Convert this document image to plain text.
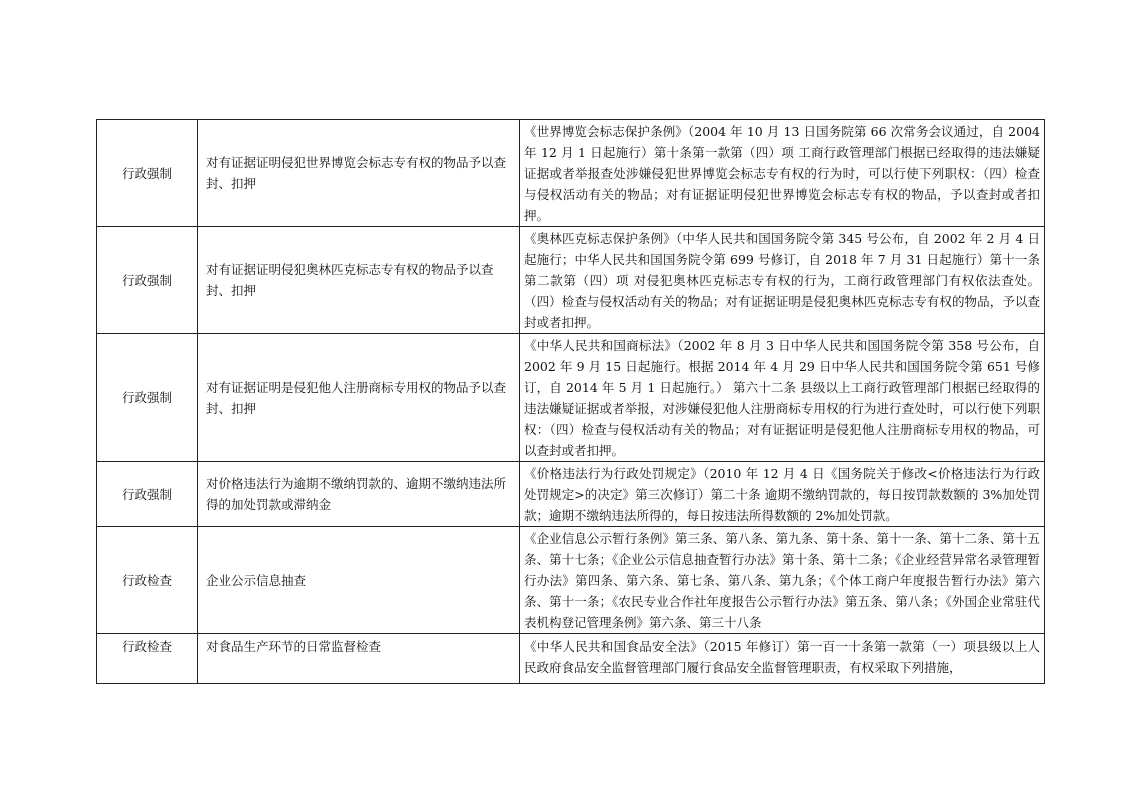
行政强制	对有证据证明侵犯世界博览会标志专有权的物品予以查封、扣押	《世界博览会标志保护条例》（2004 年 10 月 13 日国务院第 66 次常务会议通过，自 2004 年 12 月 1 日起施行）第十条第一款第（四）项 工商行政管理部门根据已经取得的违法嫌疑证据或者举报查处涉嫌侵犯世界博览会标志专有权的行为时，可以行使下列职权：（四）检查与侵权活动有关的物品；对有证据证明侵犯世界博览会标志专有权的物品，予以查封或者扣押。
行政强制	对有证据证明侵犯奥林匹克标志专有权的物品予以查封、扣押	《奥林匹克标志保护条例》（中华人民共和国国务院令第 345 号公布，自 2002 年 2 月 4 日起施行；中华人民共和国国务院令第 699 号修订，自 2018 年 7 月 31 日起施行）第十一条第二款第（四）项 对侵犯奥林匹克标志专有权的行为，工商行政管理部门有权依法查处。（四）检查与侵权活动有关的物品；对有证据证明是侵犯奥林匹克标志专有权的物品，予以查封或者扣押。
行政强制	对有证据证明是侵犯他人注册商标专用权的物品予以查封、扣押	《中华人民共和国商标法》（2002 年 8 月 3 日中华人民共和国国务院令第 358 号公布，自 2002 年 9 月 15 日起施行。根据 2014 年 4 月 29 日中华人民共和国国务院令第 651 号修订，自 2014 年 5 月 1 日起施行。） 第六十二条 县级以上工商行政管理部门根据已经取得的违法嫌疑证据或者举报，对涉嫌侵犯他人注册商标专用权的行为进行查处时，可以行使下列职权：（四）检查与侵权活动有关的物品；对有证据证明是侵犯他人注册商标专用权的物品，可以查封或者扣押。
行政强制	对价格违法行为逾期不缴纳罚款的、逾期不缴纳违法所得的加处罚款或滞纳金	《价格违法行为行政处罚规定》（2010 年 12 月 4 日《国务院关于修改<价格违法行为行政处罚规定>的决定》第三次修订）第二十条 逾期不缴纳罚款的，每日按罚款数额的 3%加处罚款；逾期不缴纳违法所得的，每日按违法所得数额的 2%加处罚款。
行政检查	企业公示信息抽查	《企业信息公示暂行条例》第三条、第八条、第九条、第十条、第十一条、第十二条、第十五条、第十七条；《企业公示信息抽查暂行办法》第十条、第十二条；《企业经营异常名录管理暂行办法》第四条、第六条、第七条、第八条、第九条；《个体工商户年度报告暂行办法》第六条、第十一条；《农民专业合作社年度报告公示暂行办法》第五条、第八条；《外国企业常驻代表机构登记管理条例》第六条、第三十八条
行政检查	对食品生产环节的日常监督检查	《中华人民共和国食品安全法》（2015 年修订）第一百一十条第一款第（一）项县级以上人民政府食品安全监督管理部门履行食品安全监督管理职责，有权采取下列措施，
